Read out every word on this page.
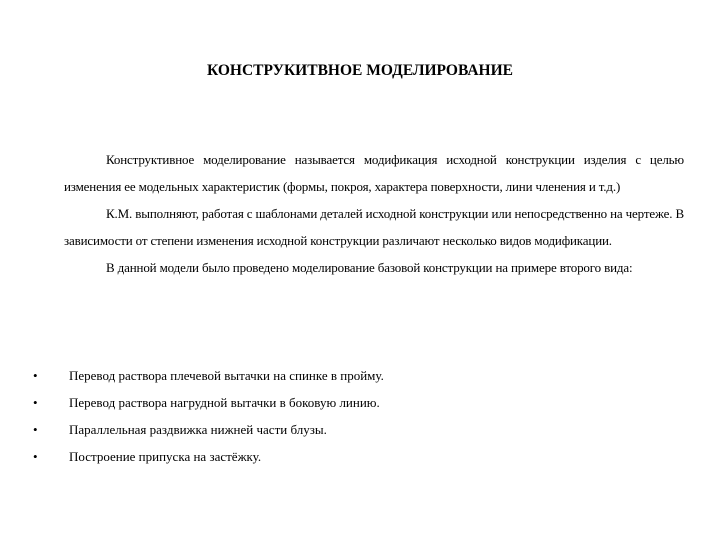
КОНСТРУКИТВНОЕ МОДЕЛИРОВАНИЕ

Конструктивное моделирование называется модификация исходной конструкции изделия с целью изменения ее модельных характеристик (формы, покроя, характера поверхности, лини членения и т.д.)

К.М. выполняют, работая с шаблонами деталей исходной конструкции или непосредственно на чертеже. В зависимости от степени изменения исходной конструкции различают несколько видов модификации.

В данной модели было проведено моделирование базовой конструкции на примере второго вида:

• Перевод раствора плечевой вытачки на спинке в пройму.
• Перевод раствора нагрудной вытачки в боковую линию.
• Параллельная раздвижка нижней части блузы.
• Построение припуска на застёжку.
